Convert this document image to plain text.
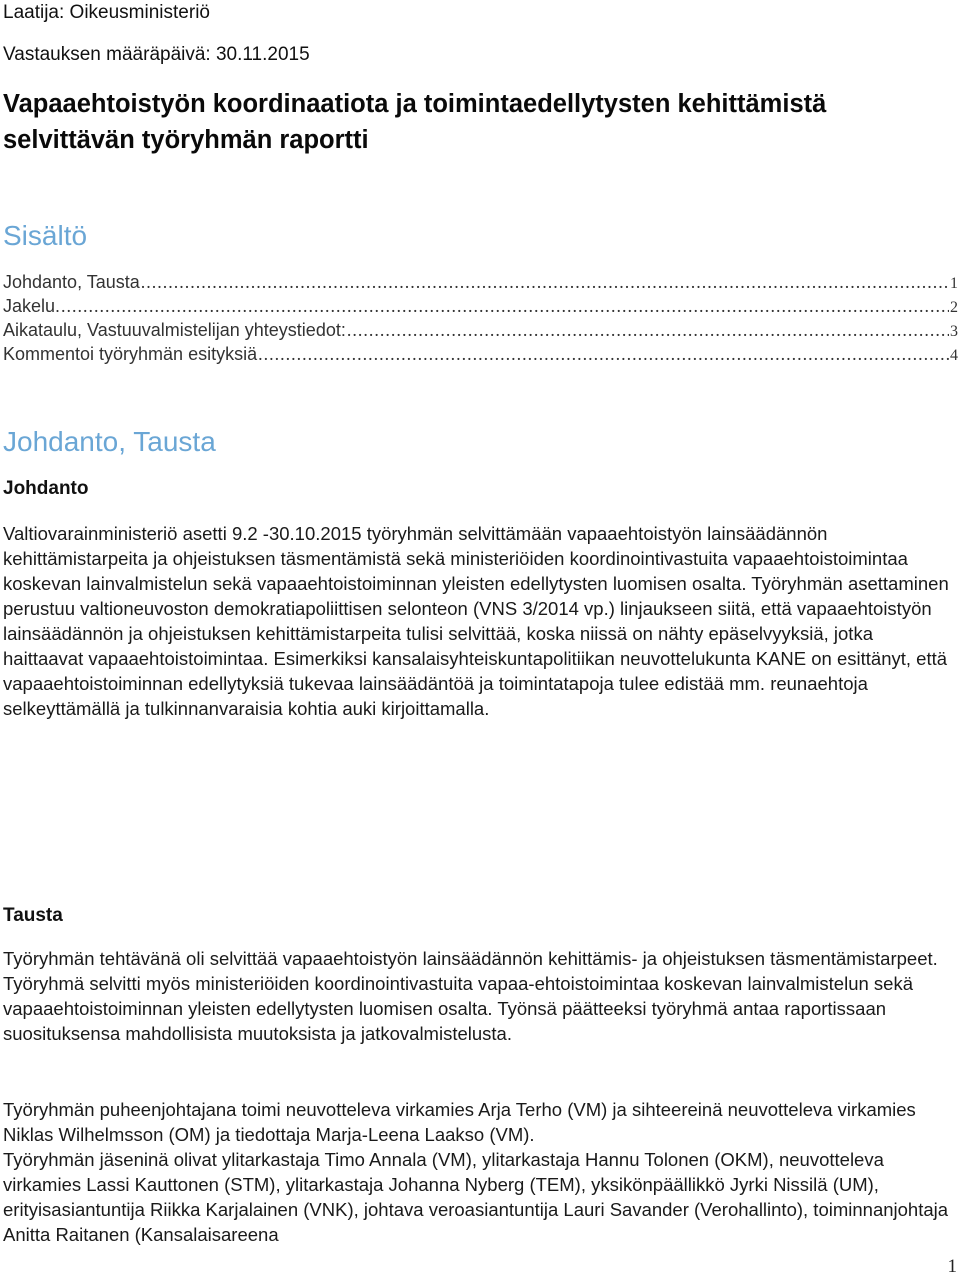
Laatija: Oikeusministeriö
Vastauksen määräpäivä: 30.11.2015
Vapaaehtoistyön koordinaatiota ja toimintaedellytysten kehittämistä selvittävän työryhmän raportti
Sisältö
Johdanto, Tausta .....	1
Jakelu. .....	2
Aikataulu, Vastuuvalmistelijan yhteystiedot: .....	3
Kommentoi työryhmän esityksiä .....	4
Johdanto, Tausta
Johdanto

Valtiovarainministeriö asetti 9.2 -30.10.2015 työryhmän selvittämään vapaaehtoistyön lainsäädännön kehittämistarpeita ja ohjeistuksen täsmentämistä sekä ministeriöiden koordinointivastuita vapaaehtoistoimintaa koskevan lainvalmistelun sekä vapaaehtoistoiminnan yleisten edellytysten luomisen osalta. Työryhmän asettaminen perustuu valtioneuvoston demokratiapoliittisen selonteon (VNS 3/2014 vp.) linjaukseen siitä, että vapaaehtoistyön lainsäädännön ja ohjeistuksen kehittämistarpeita tulisi selvittää, koska niissä on nähty epäselvyyksiä, jotka haittaavat vapaaehtoistoimintaa. Esimerkiksi kansalaisyhteiskuntapolitiikan neuvottelukunta KANE on esittänyt, että vapaaehtoistoiminnan edellytyksiä tukevaa lainsäädäntöä ja toimintatapoja tulee edistää mm. reunaehtoja selkeyttämällä ja tulkinnanvaraisia kohtia auki kirjoittamalla.

Tausta

Työryhmän tehtävänä oli selvittää vapaaehtoistyön lainsäädännön kehittämis- ja ohjeistuksen täsmentämistarpeet. Työryhmä selvitti myös ministeriöiden koordinointivastuita vapaa-ehtoistoimintaa koskevan lainvalmistelun sekä vapaaehtoistoiminnan yleisten edellytysten luomisen osalta. Työnsä päätteeksi työryhmä antaa raportissaan suosituksensa mahdollisista muutoksista ja jatkovalmistelusta.

Työryhmän puheenjohtajana toimi neuvotteleva virkamies Arja Terho (VM) ja sihteereinä neuvotteleva virkamies Niklas Wilhelmsson (OM) ja tiedottaja Marja-Leena Laakso (VM).

Työryhmän jäseninä olivat ylitarkastaja Timo Annala (VM), ylitarkastaja Hannu Tolonen (OKM), neuvotteleva virkamies Lassi Kauttonen (STM), ylitarkastaja Johanna Nyberg (TEM), yksikönpäällikkö Jyrki Nissilä (UM), erityisasiantuntija Riikka Karjalainen (VNK), johtava veroasiantuntija Lauri Savander (Verohallinto), toiminnanjohtaja Anitta Raitanen (Kansalaisareena

1
